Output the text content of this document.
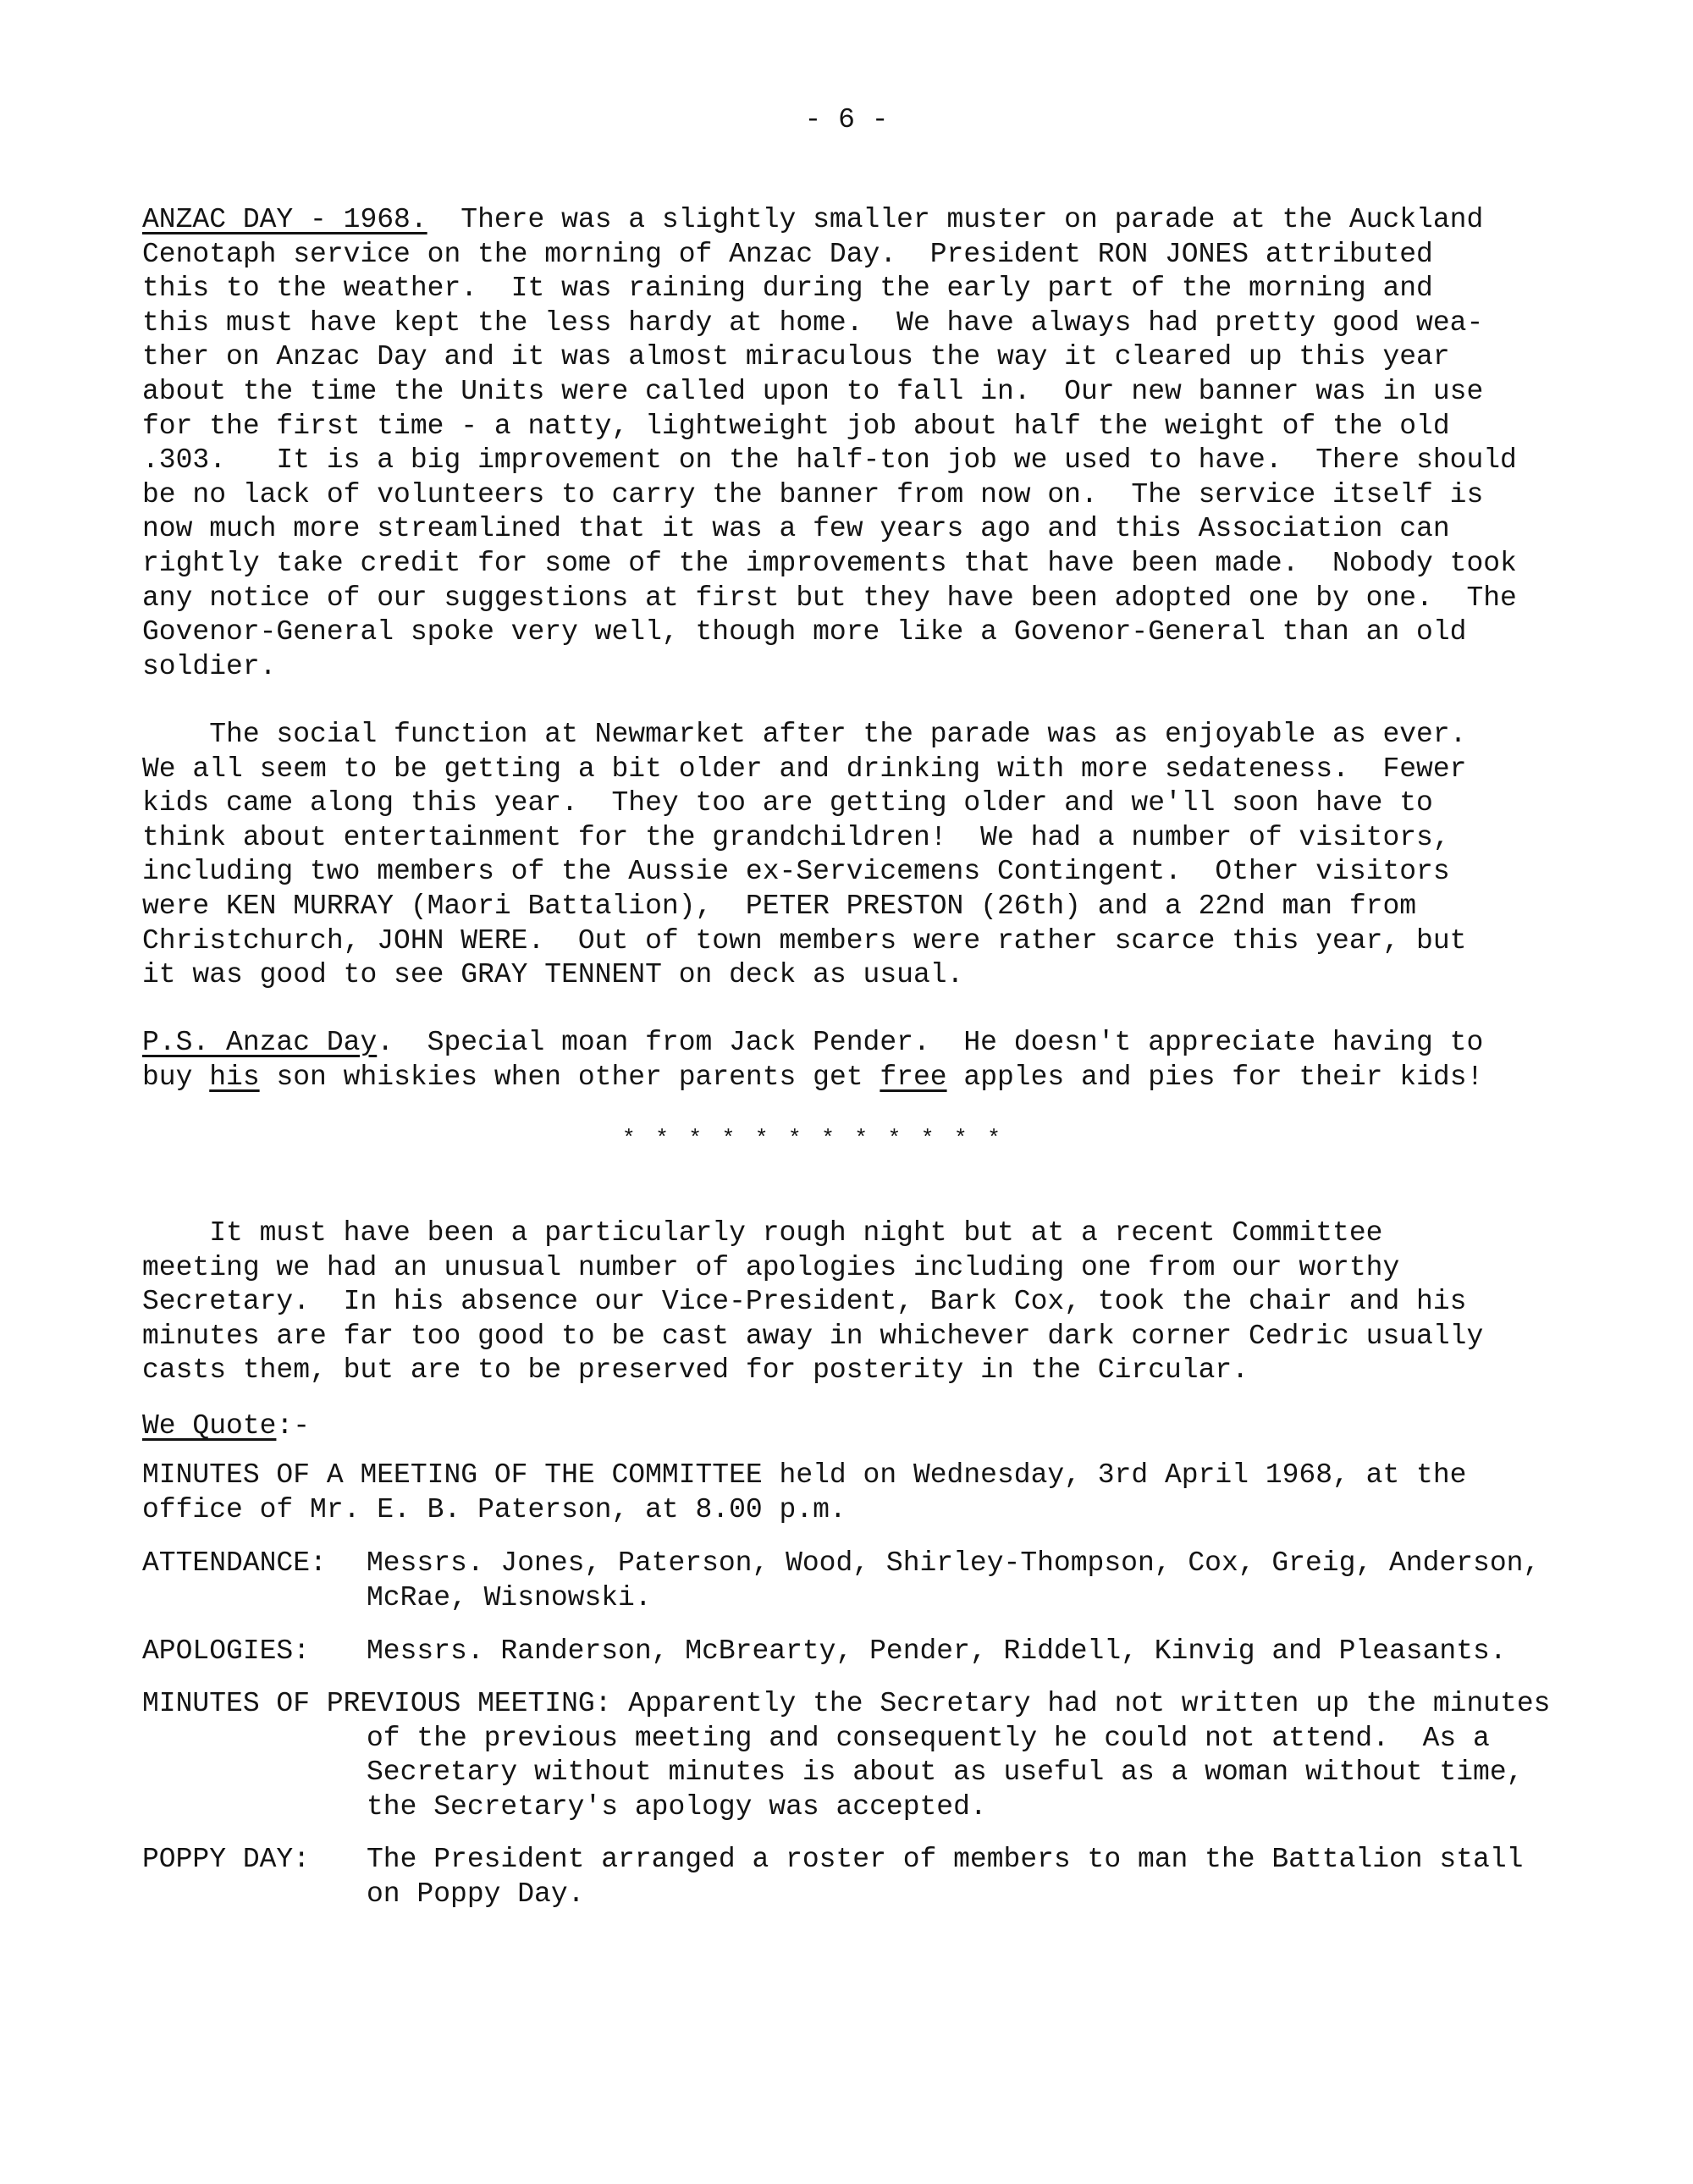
- 6 -
ANZAC DAY - 1968.  There was a slightly smaller muster on parade at the Auckland
Cenotaph service on the morning of Anzac Day.  President RON JONES attributed
this to the weather.  It was raining during the early part of the morning and
this must have kept the less hardy at home.  We have always had pretty good wea-
ther on Anzac Day and it was almost miraculous the way it cleared up this year
about the time the Units were called upon to fall in.  Our new banner was in use
for the first time - a natty, lightweight job about half the weight of the old
.303.   It is a big improvement on the half-ton job we used to have.  There should
be no lack of volunteers to carry the banner from now on.  The service itself is
now much more streamlined that it was a few years ago and this Association can
rightly take credit for some of the improvements that have been made.  Nobody took
any notice of our suggestions at first but they have been adopted one by one.  The
Govenor-General spoke very well, though more like a Govenor-General than an old
soldier.
The social function at Newmarket after the parade was as enjoyable as ever.
We all seem to be getting a bit older and drinking with more sedateness.  Fewer
kids came along this year.  They too are getting older and we'll soon have to
think about entertainment for the grandchildren!  We had a number of visitors,
including two members of the Aussie ex-Servicemens Contingent.  Other visitors
were KEN MURRAY (Maori Battalion),  PETER PRESTON (26th) and a 22nd man from
Christchurch, JOHN WERE.  Out of town members were rather scarce this year, but
it was good to see GRAY TENNENT on deck as usual.
P.S. Anzac Day.  Special moan from Jack Pender.  He doesn't appreciate having to
buy his son whiskies when other parents get free apples and pies for their kids!
* * * * * * * * * * * *
It must have been a particularly rough night but at a recent Committee
meeting we had an unusual number of apologies including one from our worthy
Secretary.  In his absence our Vice-President, Bark Cox, took the chair and his
minutes are far too good to be cast away in whichever dark corner Cedric usually
casts them, but are to be preserved for posterity in the Circular.
We Quote:-
MINUTES OF A MEETING OF THE COMMITTEE held on Wednesday, 3rd April 1968, at the
office of Mr. E. B. Paterson, at 8.00 p.m.
ATTENDANCE: Messrs. Jones, Paterson, Wood, Shirley-Thompson, Cox, Greig, Anderson,
McRae, Wisnowski.
APOLOGIES: Messrs. Randerson, McBrearty, Pender, Riddell, Kinvig and Pleasants.
MINUTES OF PREVIOUS MEETING: Apparently the Secretary had not written up the minutes
of the previous meeting and consequently he could not attend.  As a
Secretary without minutes is about as useful as a woman without time,
the Secretary's apology was accepted.
POPPY DAY: The President arranged a roster of members to man the Battalion stall
on Poppy Day.
